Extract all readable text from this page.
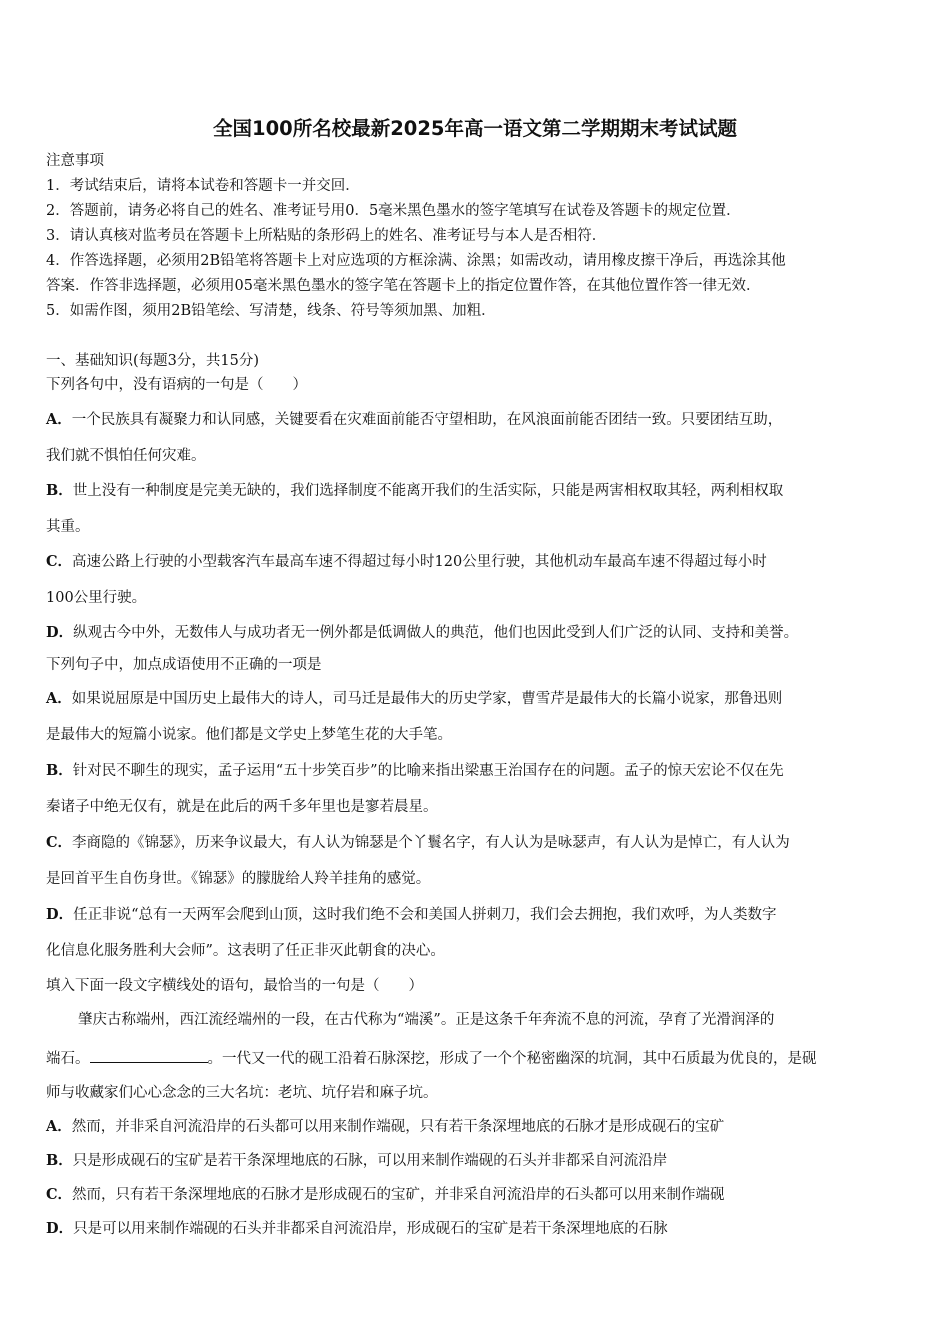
全国100所名校最新2025年高一语文第二学期期末考试试题
注意事项
1．考试结束后，请将本试卷和答题卡一并交回．
2．答题前，请务必将自己的姓名、准考证号用0．5毫米黑色墨水的签字笔填写在试卷及答题卡的规定位置．
3．请认真核对监考员在答题卡上所粘贴的条形码上的姓名、准考证号与本人是否相符．
4．作答选择题，必须用2B铅笔将答题卡上对应选项的方框涂满、涂黑；如需改动，请用橡皮擦干净后，再选涂其他
答案．作答非选择题，必须用05毫米黑色墨水的签字笔在答题卡上的指定位置作答，在其他位置作答一律无效．
5．如需作图，须用2B铅笔绘、写清楚，线条、符号等须加黑、加粗．
一、基础知识(每题3分，共15分)
下列各句中，没有语病的一句是（　　）
A．一个民族具有凝聚力和认同感，关键要看在灾难面前能否守望相助，在风浪面前能否团结一致。只要团结互助，
我们就不惧怕任何灾难。
B．世上没有一种制度是完美无缺的，我们选择制度不能离开我们的生活实际，只能是两害相权取其轻，两利相权取
其重。
C．高速公路上行驶的小型载客汽车最高车速不得超过每小时120公里行驶，其他机动车最高车速不得超过每小时
100公里行驶。
D．纵观古今中外，无数伟人与成功者无一例外都是低调做人的典范，他们也因此受到人们广泛的认同、支持和美誉。
下列句子中，加点成语使用不正确的一项是
A．如果说屈原是中国历史上最伟大的诗人，司马迁是最伟大的历史学家，曹雪芹是最伟大的长篇小说家，那鲁迅则
是最伟大的短篇小说家。他们都是文学史上梦笔生花的大手笔。
B．针对民不聊生的现实，孟子运用“五十步笑百步”的比喻来指出梁惠王治国存在的问题。孟子的惊天宏论不仅在先
秦诸子中绝无仅有，就是在此后的两千多年里也是寥若晨星。
C．李商隐的《锦瑟》，历来争议最大，有人认为锦瑟是个丫鬟名字，有人认为是咏瑟声，有人认为是悼亡，有人认为
是回首平生自伤身世。《锦瑟》的朦胧给人羚羊挂角的感觉。
D．任正非说“总有一天两军会爬到山顶，这时我们绝不会和美国人拼刺刀，我们会去拥抱，我们欢呼，为人类数字
化信息化服务胜利大会师”。这表明了任正非灭此朝食的决心。
填入下面一段文字横线处的语句，最恰当的一句是（　　）
肇庆古称端州，西江流经端州的一段，在古代称为“端溪”。正是这条千年奔流不息的河流，孕育了光滑润泽的
端石。	。一代又一代的砚工沿着石脉深挖，形成了一个个秘密幽深的坑洞，其中石质最为优良的，是砚
师与收藏家们心心念念的三大名坑：老坑、坑仔岩和麻子坑。
A．然而，并非采自河流沿岸的石头都可以用来制作端砚，只有若干条深埋地底的石脉才是形成砚石的宝矿
B．只是形成砚石的宝矿是若干条深埋地底的石脉，可以用来制作端砚的石头并非都采自河流沿岸
C．然而，只有若干条深埋地底的石脉才是形成砚石的宝矿，并非采自河流沿岸的石头都可以用来制作端砚
D．只是可以用来制作端砚的石头并非都采自河流沿岸，形成砚石的宝矿是若干条深埋地底的石脉
